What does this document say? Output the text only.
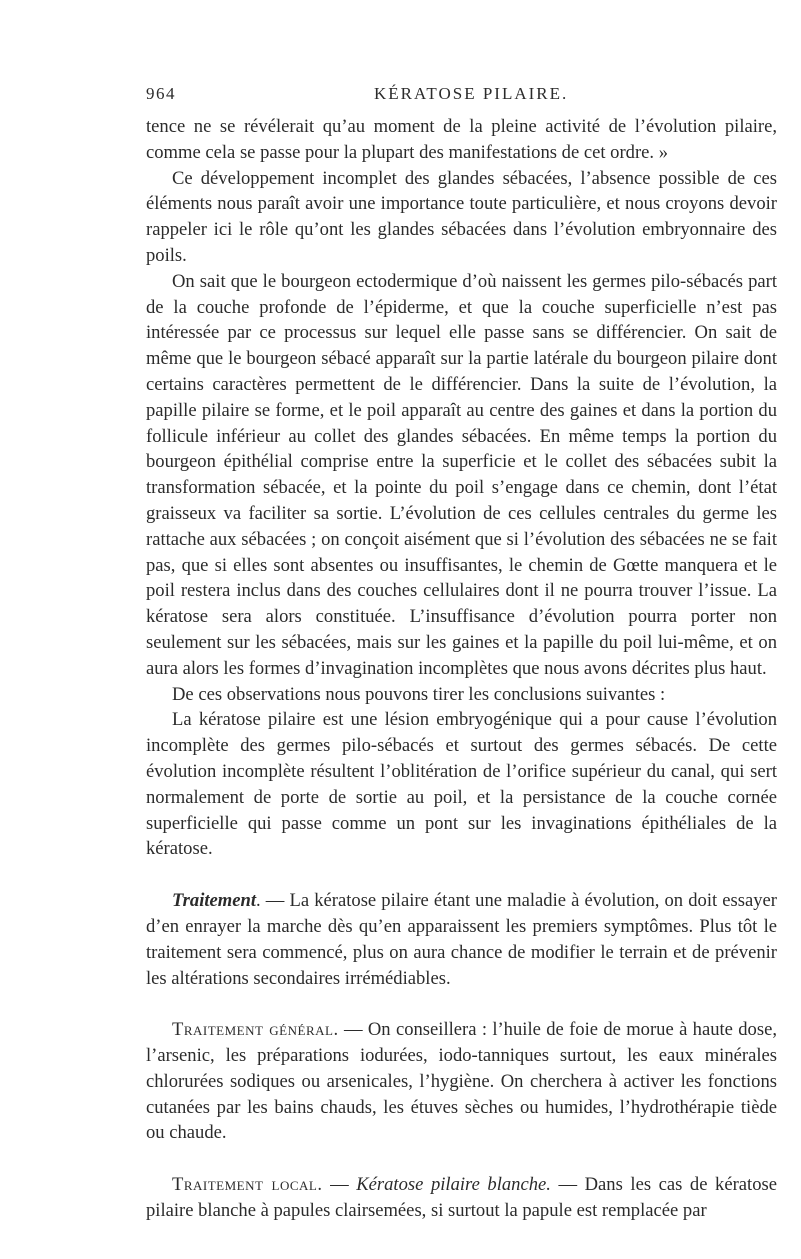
964	KÉRATOSE PILAIRE.

tence ne se révélerait qu’au moment de la pleine activité de l’évolution pilaire, comme cela se passe pour la plupart des manifestations de cet ordre. »

Ce développement incomplet des glandes sébacées, l’absence possible de ces éléments nous paraît avoir une importance toute particulière, et nous croyons devoir rappeler ici le rôle qu’ont les glandes sébacées dans l’évolution embryonnaire des poils.

On sait que le bourgeon ectodermique d’où naissent les germes pilo-sébacés part de la couche profonde de l’épiderme, et que la couche superficielle n’est pas intéressée par ce processus sur lequel elle passe sans se différencier. On sait de même que le bourgeon sébacé apparaît sur la partie latérale du bourgeon pilaire dont certains caractères permettent de le différencier. Dans la suite de l’évolution, la papille pilaire se forme, et le poil apparaît au centre des gaines et dans la portion du follicule inférieur au collet des glandes sébacées. En même temps la portion du bourgeon épithélial comprise entre la superficie et le collet des sébacées subit la transformation sébacée, et la pointe du poil s’engage dans ce chemin, dont l’état graisseux va faciliter sa sortie. L’évolution de ces cellules centrales du germe les rattache aux sébacées ; on conçoit aisément que si l’évolution des sébacées ne se fait pas, que si elles sont absentes ou insuffisantes, le chemin de Gœtte manquera et le poil restera inclus dans des couches cellulaires dont il ne pourra trouver l’issue. La kératose sera alors constituée. L’insuffisance d’évolution pourra porter non seulement sur les sébacées, mais sur les gaines et la papille du poil lui-même, et on aura alors les formes d’invagination incomplètes que nous avons décrites plus haut.

De ces observations nous pouvons tirer les conclusions suivantes :

La kératose pilaire est une lésion embryogénique qui a pour cause l’évolution incomplète des germes pilo-sébacés et surtout des germes sébacés. De cette évolution incomplète résultent l’oblitération de l’orifice supérieur du canal, qui sert normalement de porte de sortie au poil, et la persistance de la couche cornée superficielle qui passe comme un pont sur les invaginations épithéliales de la kératose.

Traitement. — La kératose pilaire étant une maladie à évolution, on doit essayer d’en enrayer la marche dès qu’en apparaissent les premiers symptômes. Plus tôt le traitement sera commencé, plus on aura chance de modifier le terrain et de prévenir les altérations secondaires irrémédiables.

Traitement général. — On conseillera : l’huile de foie de morue à haute dose, l’arsenic, les préparations iodurées, iodo-tanniques surtout, les eaux minérales chlorurées sodiques ou arsenicales, l’hygiène. On cherchera à activer les fonctions cutanées par les bains chauds, les étuves sèches ou humides, l’hydrothérapie tiède ou chaude.

Traitement local. — Kératose pilaire blanche. — Dans les cas de kératose pilaire blanche à papules clairsemées, si surtout la papule est remplacée par
